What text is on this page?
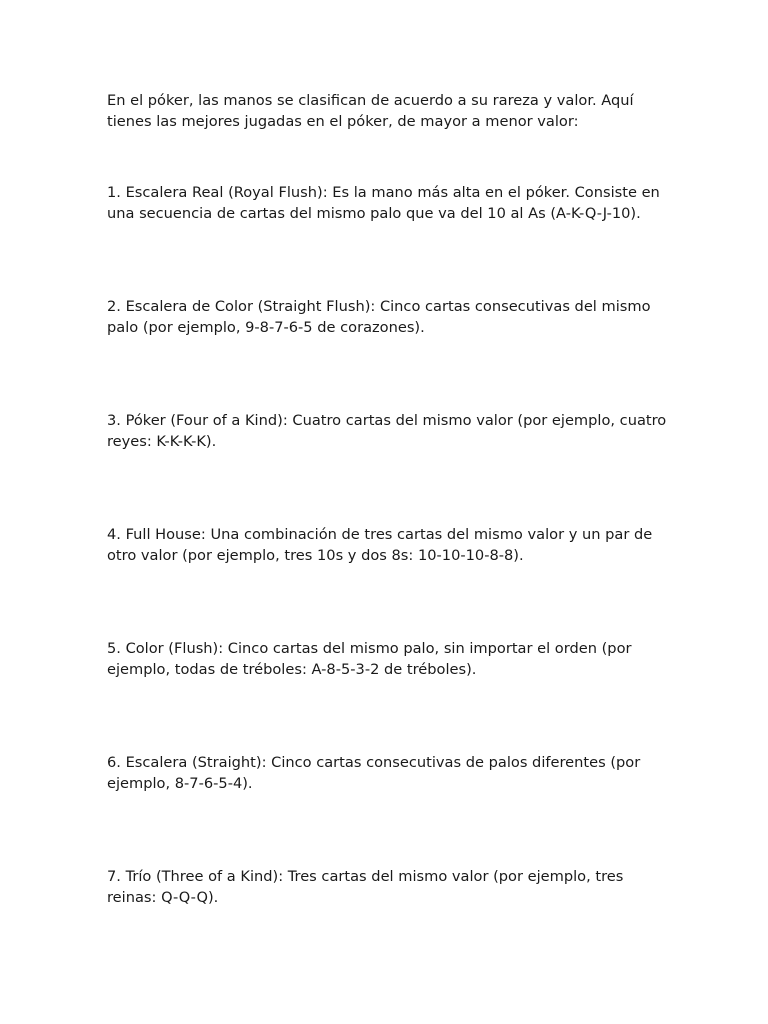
En el póker, las manos se clasifican de acuerdo a su rareza y valor. Aquí tienes las mejores jugadas en el póker, de mayor a menor valor:

1. Escalera Real (Royal Flush): Es la mano más alta en el póker. Consiste en una secuencia de cartas del mismo palo que va del 10 al As (A-K-Q-J-10).

2. Escalera de Color (Straight Flush): Cinco cartas consecutivas del mismo palo (por ejemplo, 9-8-7-6-5 de corazones).

3. Póker (Four of a Kind): Cuatro cartas del mismo valor (por ejemplo, cuatro reyes: K-K-K-K).

4. Full House: Una combinación de tres cartas del mismo valor y un par de otro valor (por ejemplo, tres 10s y dos 8s: 10-10-10-8-8).

5. Color (Flush): Cinco cartas del mismo palo, sin importar el orden (por ejemplo, todas de tréboles: A-8-5-3-2 de tréboles).

6. Escalera (Straight): Cinco cartas consecutivas de palos diferentes (por ejemplo, 8-7-6-5-4).

7. Trío (Three of a Kind): Tres cartas del mismo valor (por ejemplo, tres reinas: Q-Q-Q).
